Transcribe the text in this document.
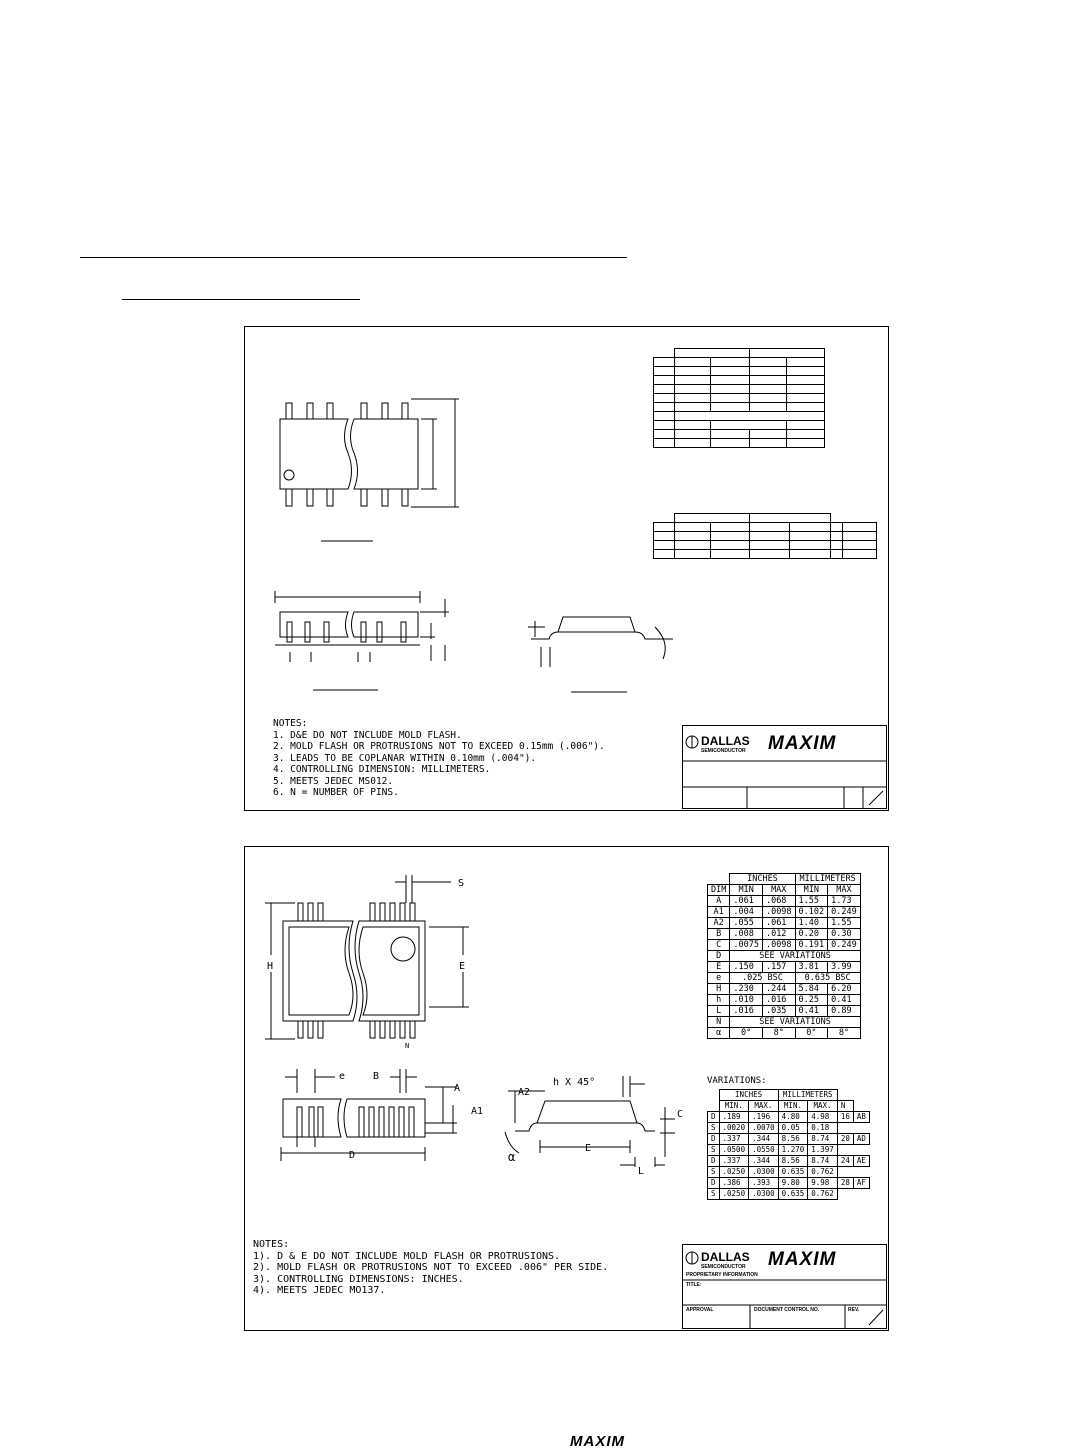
NOTES:
1. D&E DO NOT INCLUDE MOLD FLASH.
2. MOLD FLASH OR PROTRUSIONS NOT TO EXCEED 0.15mm (.006").
3. LEADS TO BE COPLANAR WITHIN 0.10mm (.004").
4. CONTROLLING DIMENSION: MILLIMETERS.
5. MEETS JEDEC MS012.
6. N = NUMBER OF PINS.
DALLAS
SEMICONDUCTOR MAXIM
S
H	E
N
e	B
A
A1
D
A2
h X 45°
C
E
α
L
	INCHES		MILLIMETERS	
DIM	MIN	MAX	MIN	MAX
A	.061	.068	1.55	1.73
A1	.004	.0098	0.102	0.249
A2	.055	.061	1.40	1.55
B	.008	.012	0.20	0.30
C	.0075	.0098	0.191	0.249
D	SEE VARIATIONS			
E	.150	.157	3.81	3.99
e	.025 BSC		0.635 BSC	
H	.230	.244	5.84	6.20
h	.010	.016	0.25	0.41
L	.016	.035	0.41	0.89
N	SEE VARIATIONS			
α	0°	8°	0°	8°
VARIATIONS:
	INCHES		MILLIMETERS			
	MIN.	MAX.	MIN.	MAX.	N	
D	.189	.196	4.80	4.98	16	AB
S	.0020	.0070	0.05	0.18		
D	.337	.344	8.56	8.74	20	AD
S	.0500	.0550	1.270	1.397		
D	.337	.344	8.56	8.74	24	AE
S	.0250	.0300	0.635	0.762		
D	.386	.393	9.80	9.98	28	AF
S	.0250	.0300	0.635	0.762		
NOTES:
1). D & E DO NOT INCLUDE MOLD FLASH OR PROTRUSIONS.
2). MOLD FLASH OR PROTRUSIONS NOT TO EXCEED .006" PER SIDE.
3). CONTROLLING DIMENSIONS: INCHES.
4). MEETS JEDEC MO137.
DALLAS
SEMICONDUCTOR MAXIM
PROPRIETARY INFORMATION
TITLE:
APPROVAL	DOCUMENT CONTROL NO.	REV.
MAXIM
